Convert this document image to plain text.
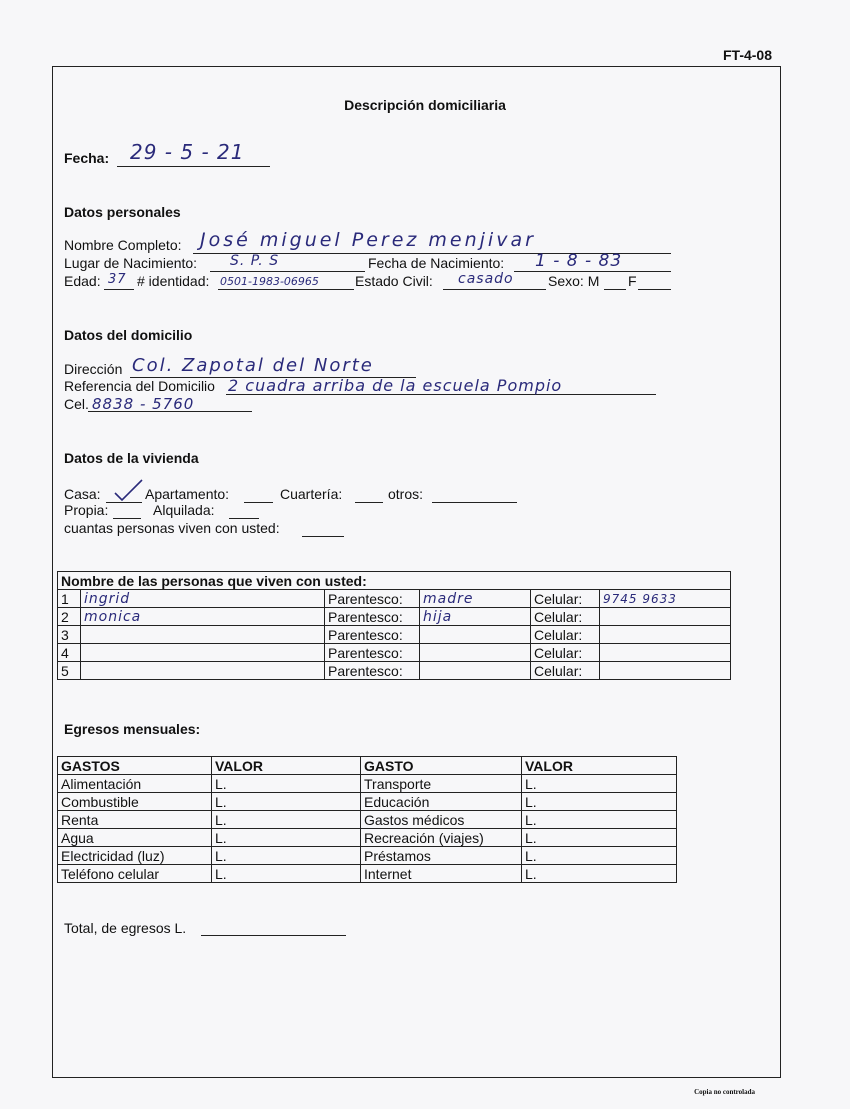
FT-4-08
Descripción domiciliaria
Fecha: 29 - 5 - 21
Datos personales
Nombre Completo: José miguel Perez menjivar
Lugar de Nacimiento: S. P. S	Fecha de Nacimiento: 1 - 8 - 83
Edad: 37 # identidad: 0501-1983-06965	Estado Civil: casado Sexo: M F
Datos del domicilio
Dirección Col. Zapotal del Norte
Referencia del Domicilio 2 cuadra arriba de la escuela Pompio
Cel. 8838 - 5760
Datos de la vivienda
Casa:	Apartamento:	Cuartería:	otros:
Propia:	Alquilada:
cuantas personas viven con usted:
Nombre de las personas que viven con usted:					
1	ingrid	Parentesco:	madre	Celular:	9745 9633
2	monica	Parentesco:	hija	Celular:	
3		Parentesco:		Celular:	
4		Parentesco:		Celular:	
5		Parentesco:		Celular:	
Egresos mensuales:
GASTOS	VALOR	GASTO	VALOR
Alimentación	L.	Transporte	L.
Combustible	L.	Educación	L.
Renta	L.	Gastos médicos	L.
Agua	L.	Recreación (viajes)	L.
Electricidad (luz)	L.	Préstamos	L.
Teléfono celular	L.	Internet	L.
Total, de egresos L.
Copia no controlada
